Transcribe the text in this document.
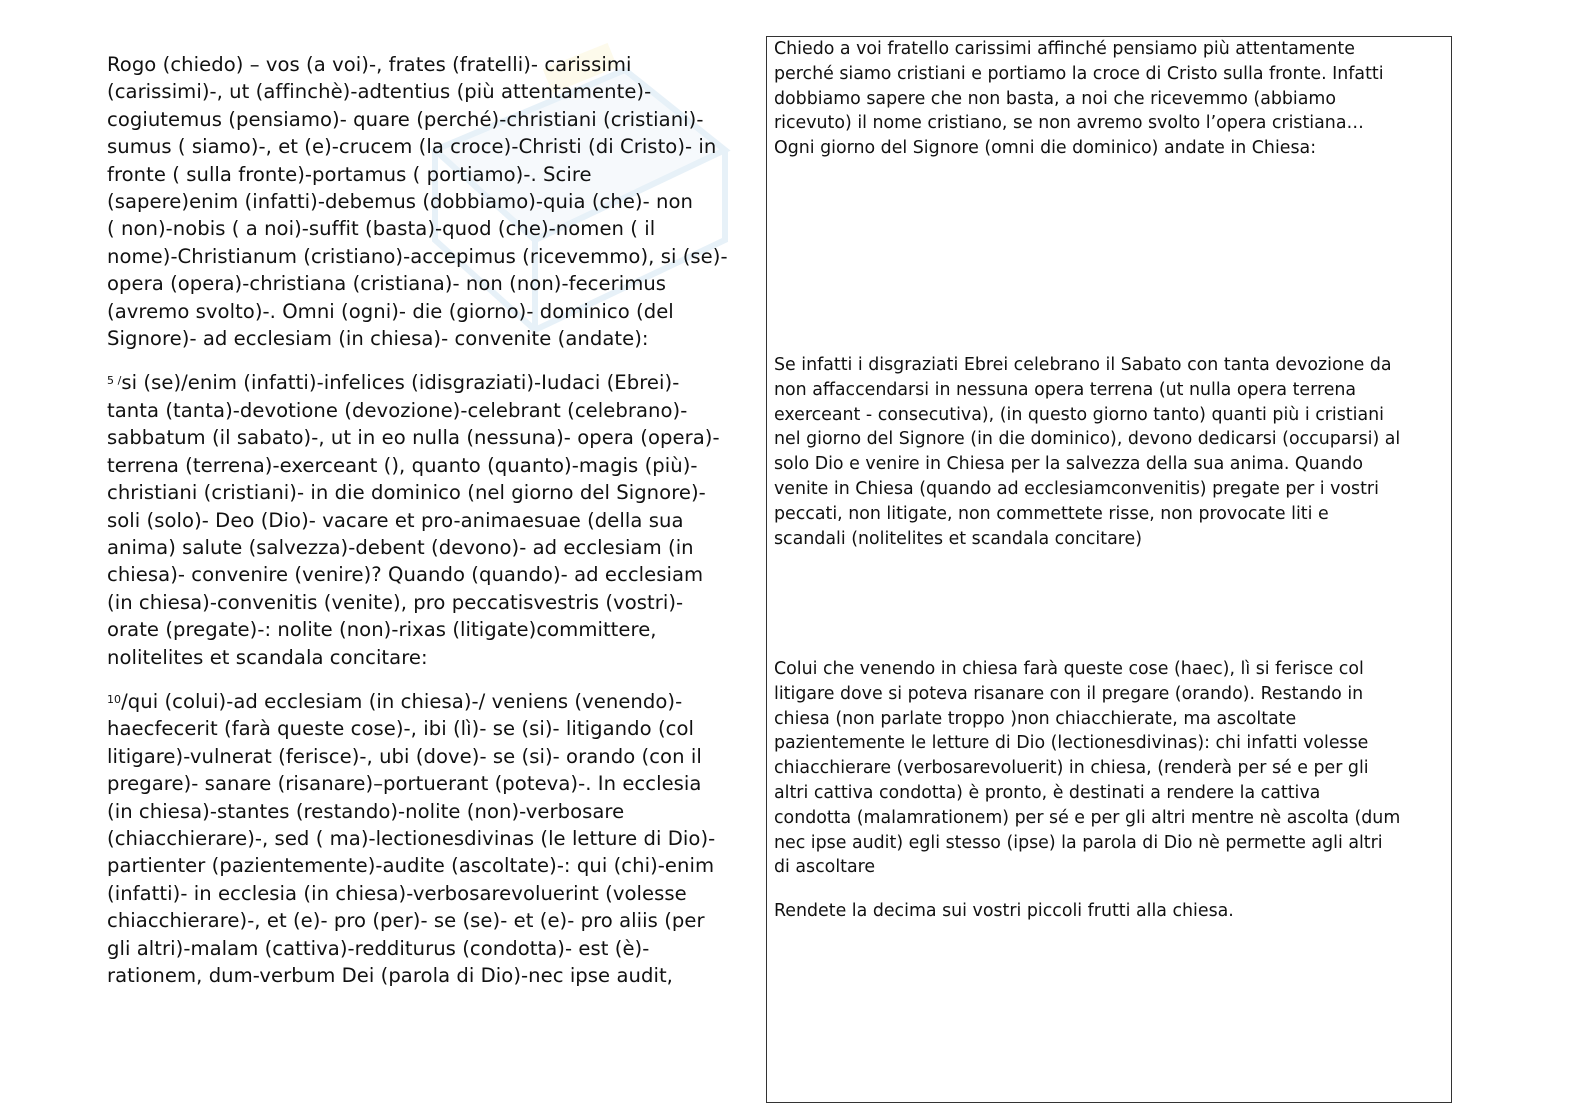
Rogo (chiedo) – vos (a voi)-, frates (fratelli)- carissimi
(carissimi)-, ut (affinchè)-adtentius (più attentamente)-
cogiutemus (pensiamo)- quare (perché)-christiani (cristiani)-
sumus ( siamo)-, et (e)-crucem (la croce)-Christi (di Cristo)- in
fronte ( sulla fronte)-portamus ( portiamo)-. Scire
(sapere)enim (infatti)-debemus (dobbiamo)-quia (che)- non
( non)-nobis ( a noi)-suffit (basta)-quod (che)-nomen ( il
nome)-Christianum (cristiano)-accepimus (ricevemmo), si (se)-
opera (opera)-christiana (cristiana)- non (non)-fecerimus
(avremo svolto)-. Omni (ogni)- die (giorno)- dominico (del
Signore)- ad ecclesiam (in chiesa)- convenite (andate):

$^{5 /}$si (se)/enim (infatti)-infelices (idisgraziati)-Iudaci (Ebrei)-
tanta (tanta)-devotione (devozione)-celebrant (celebrano)-
sabbatum (il sabato)-, ut in eo nulla (nessuna)- opera (opera)-
terrena (terrena)-exerceant (), quanto (quanto)-magis (più)-
christiani (cristiani)- in die dominico (nel giorno del Signore)-
soli (solo)- Deo (Dio)- vacare et pro-animaesuae (della sua
anima) salute (salvezza)-debent (devono)- ad ecclesiam (in
chiesa)- convenire (venire)? Quando (quando)- ad ecclesiam
(in chiesa)-convenitis (venite), pro peccatisvestris (vostri)-
orate (pregate)-: nolite (non)-rixas (litigate)committere,
nolitelites et scandala concitare:

$^{10}$/qui (colui)-ad ecclesiam (in chiesa)-/ veniens (venendo)-
haecfecerit (farà queste cose)-, ibi (lì)- se (si)- litigando (col
litigare)-vulnerat (ferisce)-, ubi (dove)- se (si)- orando (con il
pregare)- sanare (risanare)–portuerant (poteva)-. In ecclesia
(in chiesa)-stantes (restando)-nolite (non)-verbosare
(chiacchierare)-, sed ( ma)-lectionesdivinas (le letture di Dio)-
partienter (pazientemente)-audite (ascoltate)-: qui (chi)-enim
(infatti)- in ecclesia (in chiesa)-verbosarevoluerint (volesse
chiacchierare)-, et (e)- pro (per)- se (se)- et (e)- pro aliis (per
gli altri)-malam (cattiva)-redditurus (condotta)- est (è)-
rationem, dum-verbum Dei (parola di Dio)-nec ipse audit,

Chiedo a voi fratello carissimi affinché pensiamo più attentamente
perché siamo cristiani e portiamo la croce di Cristo sulla fronte. Infatti
dobbiamo sapere che non basta, a noi che ricevemmo (abbiamo
ricevuto) il nome cristiano, se non avremo svolto l’opera cristiana…
Ogni giorno del Signore (omni die dominico) andate in Chiesa:
Se infatti i disgraziati Ebrei celebrano il Sabato con tanta devozione da
non affaccendarsi in nessuna opera terrena (ut nulla opera terrena
exerceant - consecutiva), (in questo giorno tanto) quanti più i cristiani
nel giorno del Signore (in die dominico), devono dedicarsi (occuparsi) al
solo Dio e venire in Chiesa per la salvezza della sua anima. Quando
venite in Chiesa (quando ad ecclesiamconvenitis) pregate per i vostri
peccati, non litigate, non commettete risse, non provocate liti e
scandali (nolitelites et scandala concitare)
Colui che venendo in chiesa farà queste cose (haec), lì si ferisce col
litigare dove si poteva risanare con il pregare (orando). Restando in
chiesa (non parlate troppo )non chiacchierate, ma ascoltate
pazientemente le letture di Dio (lectionesdivinas): chi infatti volesse
chiacchierare (verbosarevoluerit) in chiesa, (renderà per sé e per gli
altri cattiva condotta) è pronto, è destinati a rendere la cattiva
condotta (malamrationem) per sé e per gli altri mentre nè ascolta (dum
nec ipse audit) egli stesso (ipse) la parola di Dio nè permette agli altri
di ascoltare
Rendete la decima sui vostri piccoli frutti alla chiesa.
